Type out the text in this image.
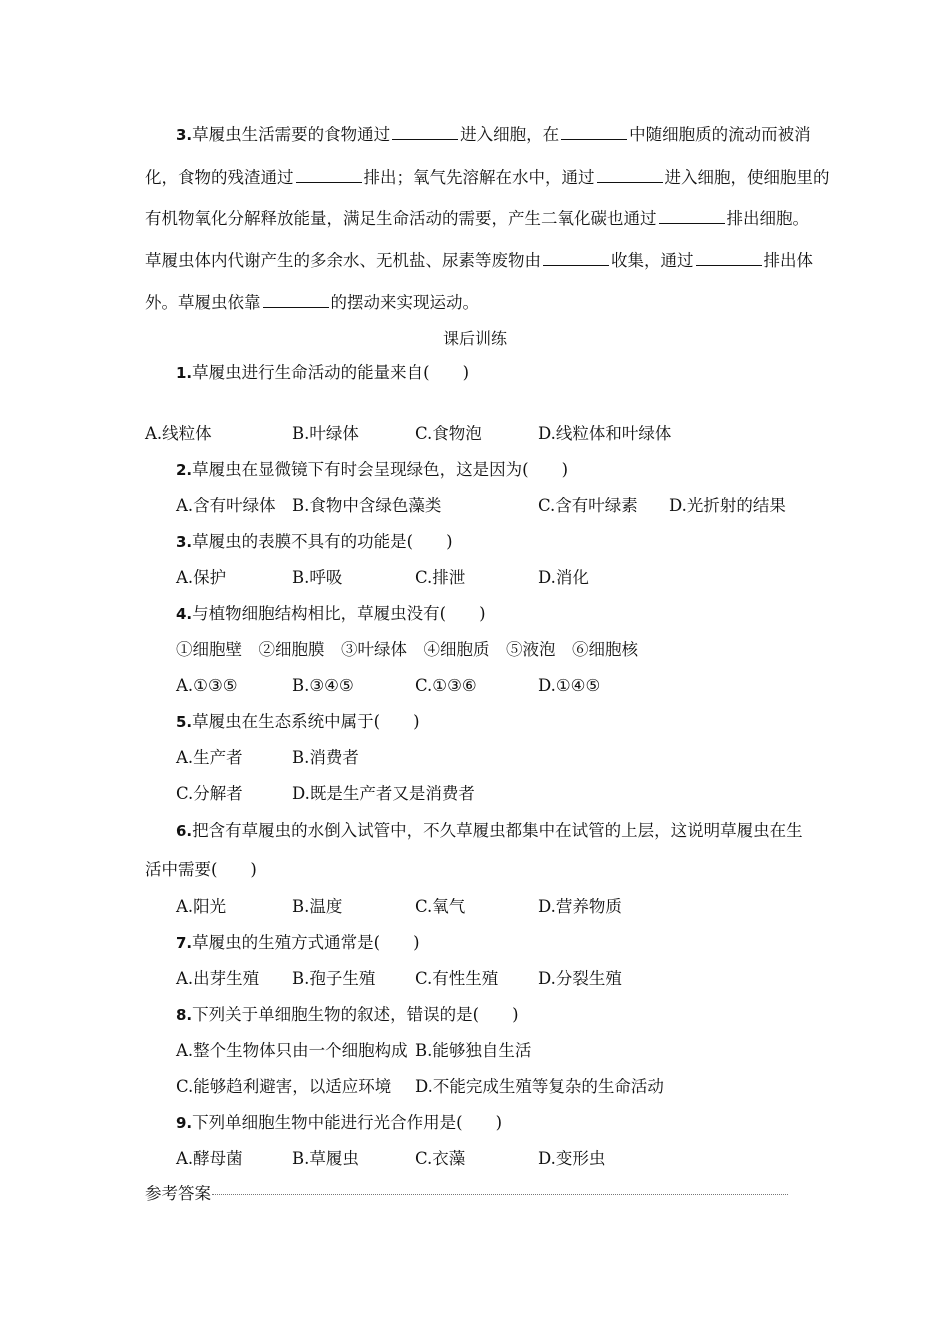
3.草履虫生活需要的食物通过	进入细胞，在	中随细胞质的流动而被消
化，食物的残渣通过	排出；氧气先溶解在水中，通过	进入细胞，使细胞里的
有机物氧化分解释放能量，满足生命活动的需要，产生二氧化碳也通过	排出细胞。
草履虫体内代谢产生的多余水、无机盐、尿素等废物由	收集，通过	排出体
外。草履虫依靠	的摆动来实现运动。
课后训练
1.草履虫进行生命活动的能量来自(　　)
A.线粒体	B.叶绿体	C.食物泡	D.线粒体和叶绿体
2.草履虫在显微镜下有时会呈现绿色，这是因为(　　)
A.含有叶绿体 B.食物中含绿色藻类	C.含有叶绿素 D.光折射的结果
3.草履虫的表膜不具有的功能是(　　)
A.保护	B.呼吸	C.排泄	D.消化
4.与植物细胞结构相比，草履虫没有(　　)
①细胞壁　②细胞膜　③叶绿体　④细胞质　⑤液泡　⑥细胞核
A.①③⑤	B.③④⑤	C.①③⑥	D.①④⑤
5.草履虫在生态系统中属于(　　)
A.生产者	B.消费者
C.分解者	D.既是生产者又是消费者
6.把含有草履虫的水倒入试管中，不久草履虫都集中在试管的上层，这说明草履虫在生
活中需要(　　)
A.阳光	B.温度	C.氧气	D.营养物质
7.草履虫的生殖方式通常是(　　)
A.出芽生殖 B.孢子生殖 C.有性生殖 D.分裂生殖
8.下列关于单细胞生物的叙述，错误的是(　　)
A.整个生物体只由一个细胞构成 B.能够独自生活
C.能够趋利避害，以适应环境 D.不能完成生殖等复杂的生命活动
9.下列单细胞生物中能进行光合作用是(　　)
A.酵母菌	B.草履虫	C.衣藻	D.变形虫
参考答案
